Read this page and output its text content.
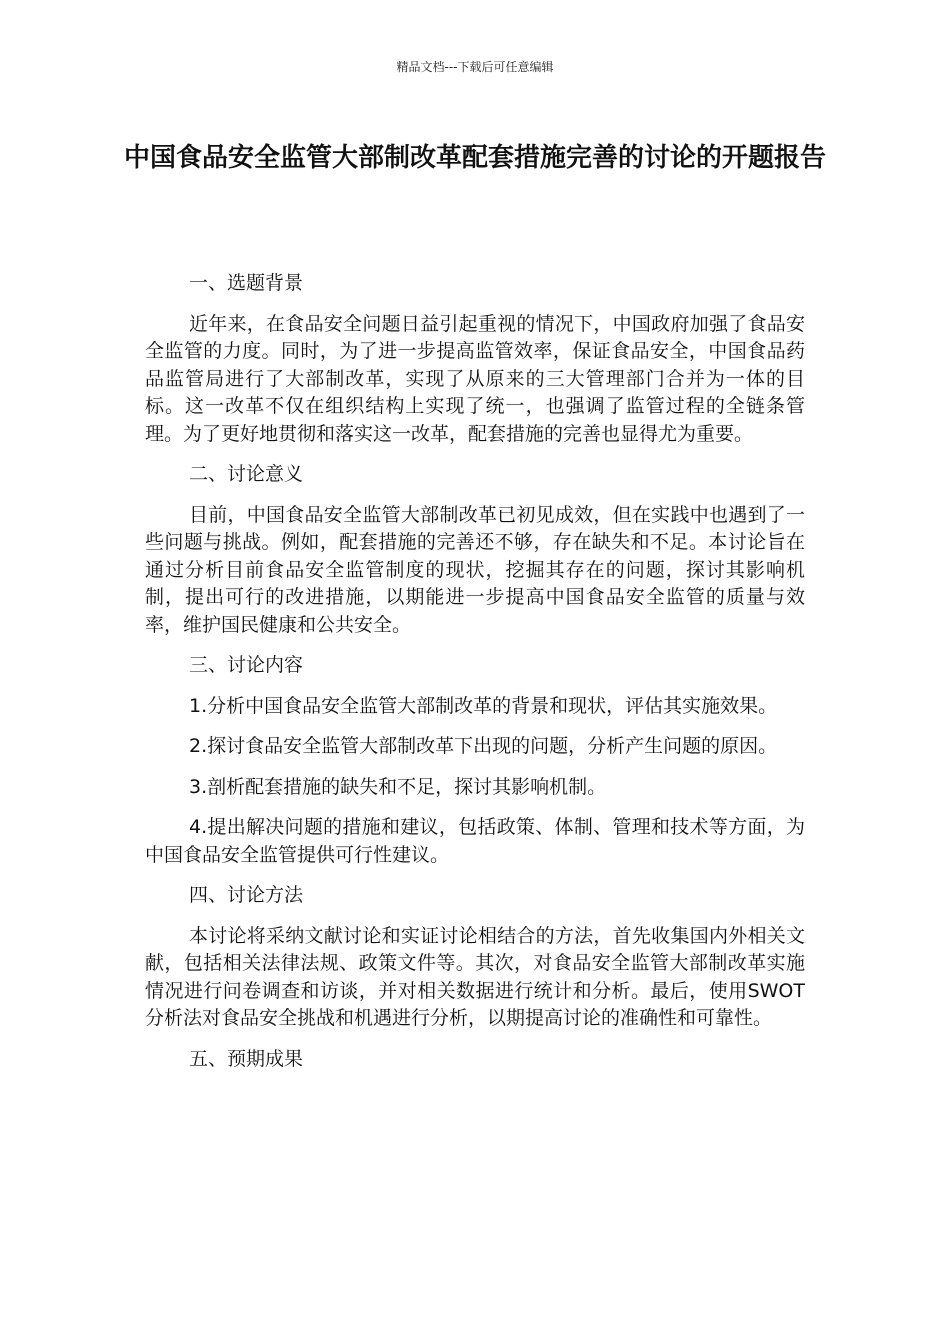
精品文档---下载后可任意编辑
中国食品安全监管大部制改革配套措施完善的讨论的开题报告

一、选题背景

近年来，在食品安全问题日益引起重视的情况下，中国政府加强了食品安全监管的力度。同时，为了进一步提高监管效率，保证食品安全，中国食品药品监管局进行了大部制改革，实现了从原来的三大管理部门合并为一体的目标。这一改革不仅在组织结构上实现了统一，也强调了监管过程的全链条管理。为了更好地贯彻和落实这一改革，配套措施的完善也显得尤为重要。

二、讨论意义

目前，中国食品安全监管大部制改革已初见成效，但在实践中也遇到了一些问题与挑战。例如，配套措施的完善还不够，存在缺失和不足。本讨论旨在通过分析目前食品安全监管制度的现状，挖掘其存在的问题，探讨其影响机制，提出可行的改进措施，以期能进一步提高中国食品安全监管的质量与效率，维护国民健康和公共安全。

三、讨论内容

1.分析中国食品安全监管大部制改革的背景和现状，评估其实施效果。

2.探讨食品安全监管大部制改革下出现的问题，分析产生问题的原因。

3.剖析配套措施的缺失和不足，探讨其影响机制。

4.提出解决问题的措施和建议，包括政策、体制、管理和技术等方面，为中国食品安全监管提供可行性建议。

四、讨论方法

本讨论将采纳文献讨论和实证讨论相结合的方法，首先收集国内外相关文献，包括相关法律法规、政策文件等。其次，对食品安全监管大部制改革实施情况进行问卷调查和访谈，并对相关数据进行统计和分析。最后，使用SWOT分析法对食品安全挑战和机遇进行分析，以期提高讨论的准确性和可靠性。

五、预期成果
